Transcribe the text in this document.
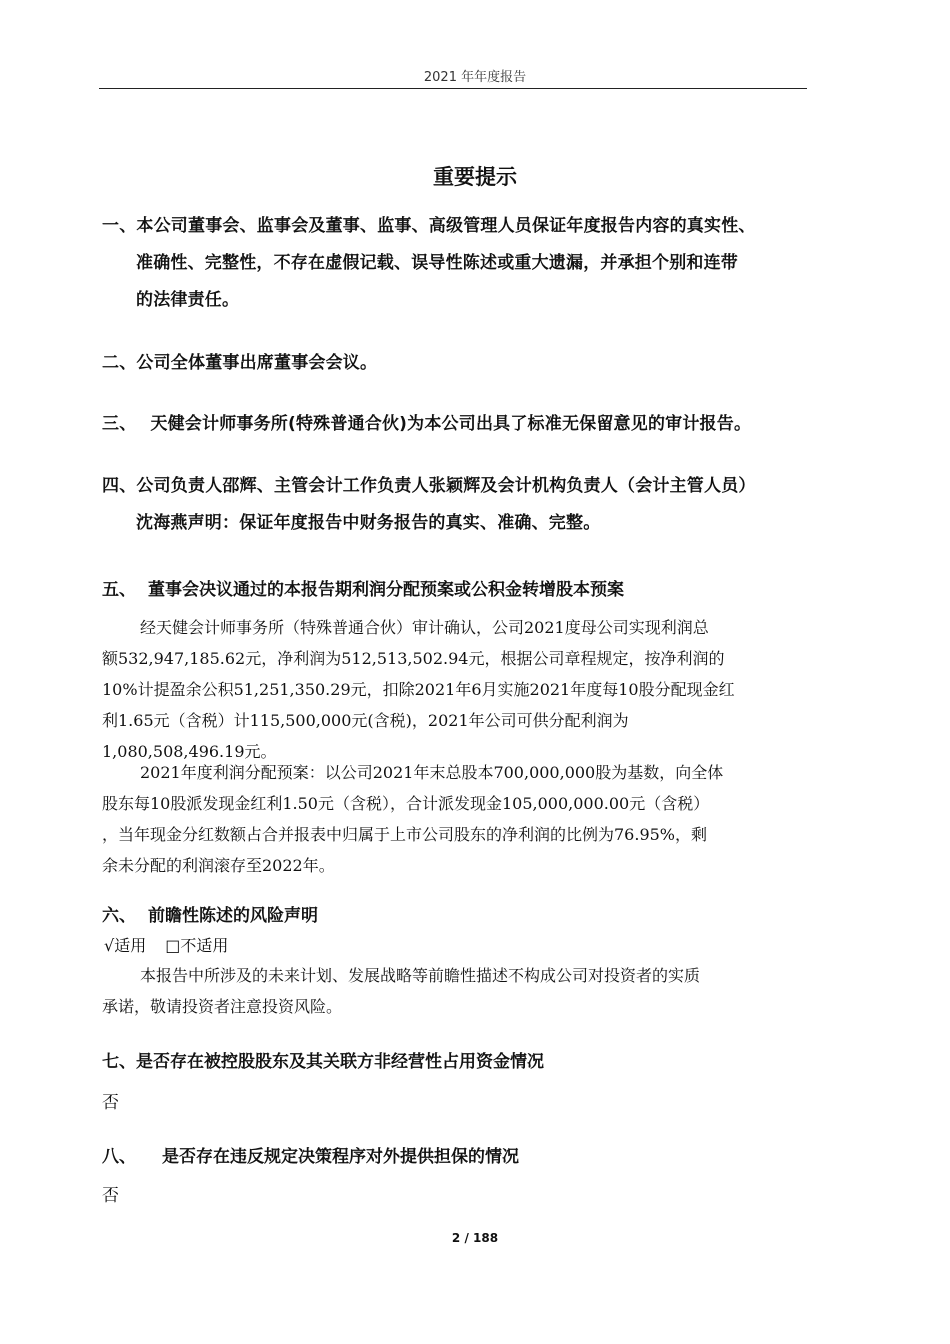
2021 年年度报告
重要提示
一、本公司董事会、监事会及董事、监事、高级管理人员保证年度报告内容的真实性、
准确性、完整性，不存在虚假记载、误导性陈述或重大遗漏，并承担个别和连带
的法律责任。
二、公司全体董事出席董事会会议。
三、 天健会计师事务所(特殊普通合伙)为本公司出具了标准无保留意见的审计报告。
四、公司负责人邵辉、主管会计工作负责人张颖辉及会计机构负责人（会计主管人员）
沈海燕声明：保证年度报告中财务报告的真实、准确、完整。
五、 董事会决议通过的本报告期利润分配预案或公积金转增股本预案
经天健会计师事务所（特殊普通合伙）审计确认，公司2021度母公司实现利润总
额532,947,185.62元，净利润为512,513,502.94元，根据公司章程规定，按净利润的
10%计提盈余公积51,251,350.29元，扣除2021年6月实施2021年度每10股分配现金红
利1.65元（含税）计115,500,000元(含税)，2021年公司可供分配利润为
1,080,508,496.19元。
2021年度利润分配预案：以公司2021年末总股本700,000,000股为基数，向全体
股东每10股派发现金红利1.50元（含税），合计派发现金105,000,000.00元（含税）
，当年现金分红数额占合并报表中归属于上市公司股东的净利润的比例为76.95%，剩
余未分配的利润滚存至2022年。
六、 前瞻性陈述的风险声明
√适用 □不适用
本报告中所涉及的未来计划、发展战略等前瞻性描述不构成公司对投资者的实质
承诺，敬请投资者注意投资风险。
七、是否存在被控股股东及其关联方非经营性占用资金情况
否
八、 是否存在违反规定决策程序对外提供担保的情况
否
2 / 188
